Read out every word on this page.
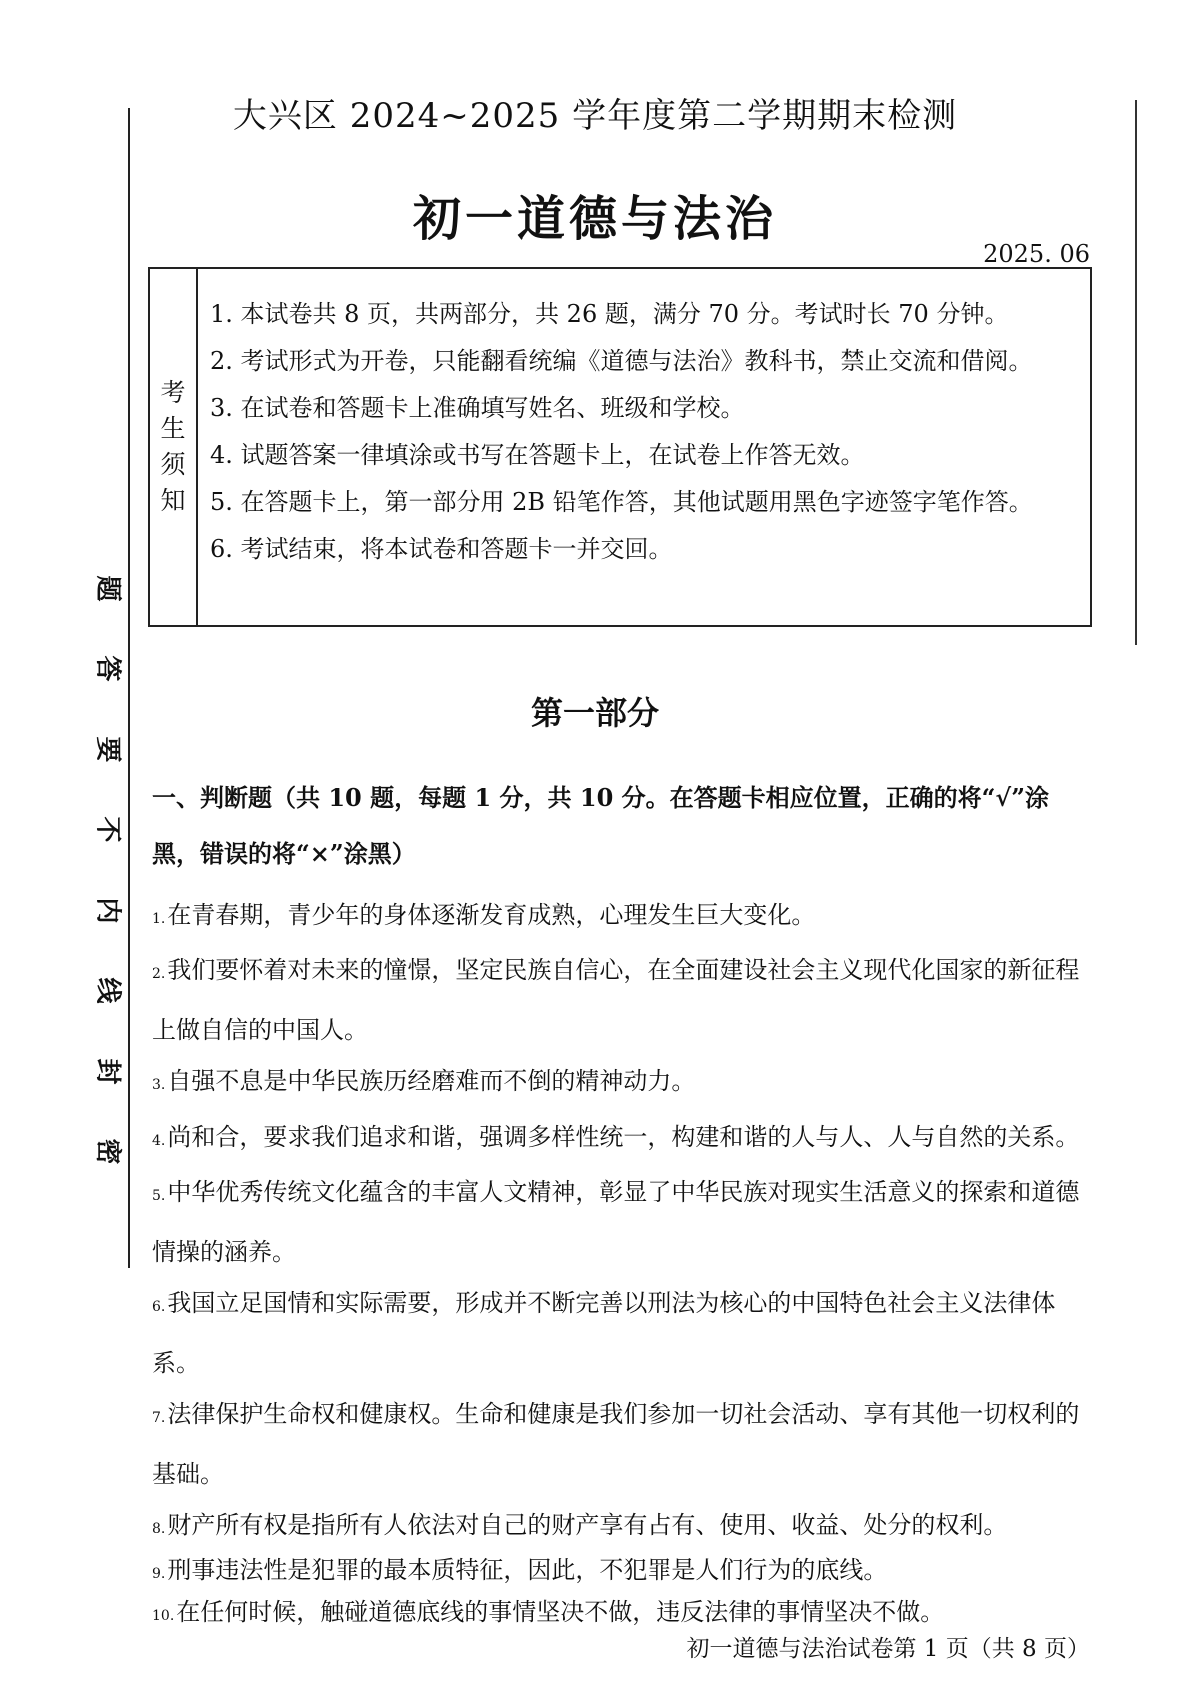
题
答
要
不
内
线
封
密
大兴区 2024~2025 学年度第二学期期末检测
初一道德与法治
2025. 06
考
生
须
知
1. 本试卷共 8 页，共两部分，共 26 题，满分 70 分。考试时长 70 分钟。
2. 考试形式为开卷，只能翻看统编《道德与法治》教科书，禁止交流和借阅。
3. 在试卷和答题卡上准确填写姓名、班级和学校。
4. 试题答案一律填涂或书写在答题卡上，在试卷上作答无效。
5. 在答题卡上，第一部分用 2B 铅笔作答，其他试题用黑色字迹签字笔作答。
6. 考试结束，将本试卷和答题卡一并交回。
第一部分
一、判断题（共 10 题，每题 1 分，共 10 分。在答题卡相应位置，正确的将“√”涂黑，错误的将“×”涂黑）
1.在青春期，青少年的身体逐渐发育成熟，心理发生巨大变化。
2.我们要怀着对未来的憧憬，坚定民族自信心，在全面建设社会主义现代化国家的新征程上做自信的中国人。
3.自强不息是中华民族历经磨难而不倒的精神动力。
4.尚和合，要求我们追求和谐，强调多样性统一，构建和谐的人与人、人与自然的关系。
5.中华优秀传统文化蕴含的丰富人文精神，彰显了中华民族对现实生活意义的探索和道德情操的涵养。
6.我国立足国情和实际需要，形成并不断完善以刑法为核心的中国特色社会主义法律体系。
7.法律保护生命权和健康权。生命和健康是我们参加一切社会活动、享有其他一切权利的基础。
8.财产所有权是指所有人依法对自己的财产享有占有、使用、收益、处分的权利。
9.刑事违法性是犯罪的最本质特征，因此，不犯罪是人们行为的底线。
10.在任何时候，触碰道德底线的事情坚决不做，违反法律的事情坚决不做。
初一道德与法治试卷第 1 页（共 8 页）
